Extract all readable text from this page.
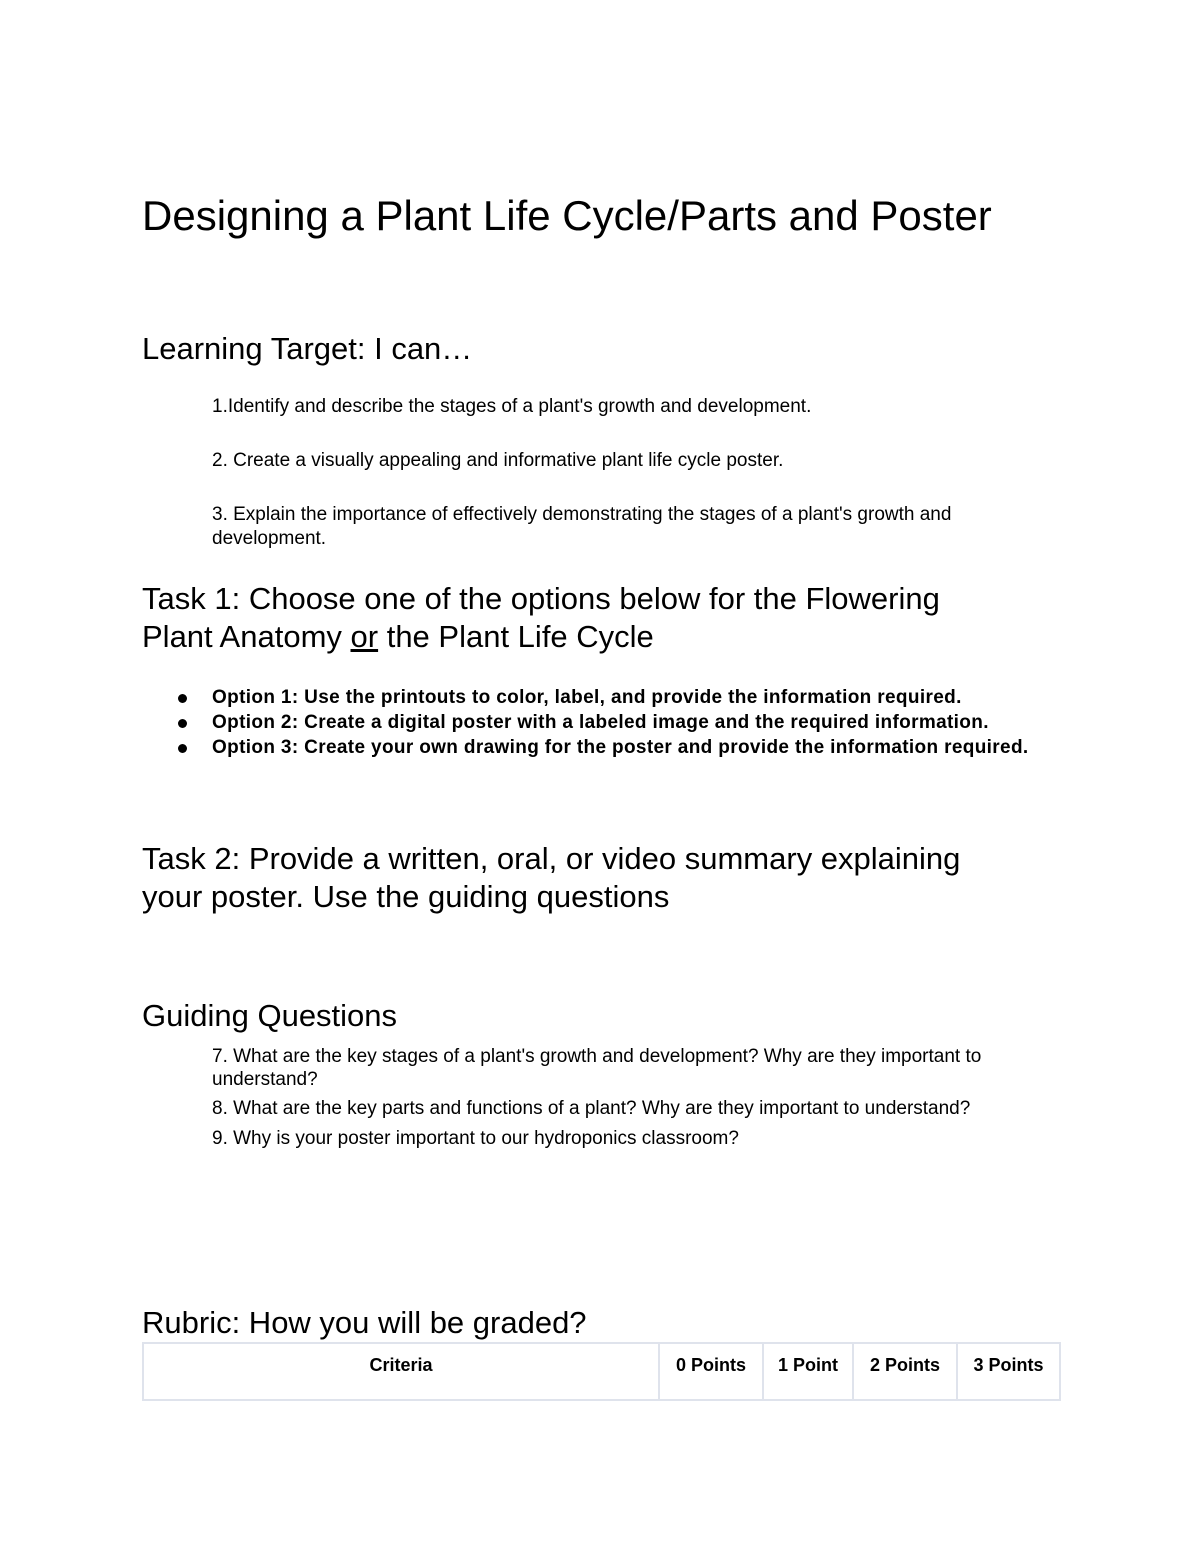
Designing a Plant Life Cycle/Parts and Poster
Learning Target: I can…

1.Identify and describe the stages of a plant's growth and development.

2. Create a visually appealing and informative plant life cycle poster.

3. Explain the importance of effectively demonstrating the stages of a plant's growth and development.

Task 1: Choose one of the options below for the Flowering Plant Anatomy or the Plant Life Cycle
Option 1: Use the printouts to color, label, and provide the information required.
Option 2: Create a digital poster with a labeled image and the required information.
Option 3: Create your own drawing for the poster and provide the information required.
Task 2: Provide a written, oral, or video summary explaining your poster. Use the guiding questions
Guiding Questions

7. What are the key stages of a plant's growth and development? Why are they important to understand?

8. What are the key parts and functions of a plant? Why are they important to understand?

9. Why is your poster important to our hydroponics classroom?

Rubric: How you will be graded?
Criteria	0 Points	1 Point	2 Points	3 Points
